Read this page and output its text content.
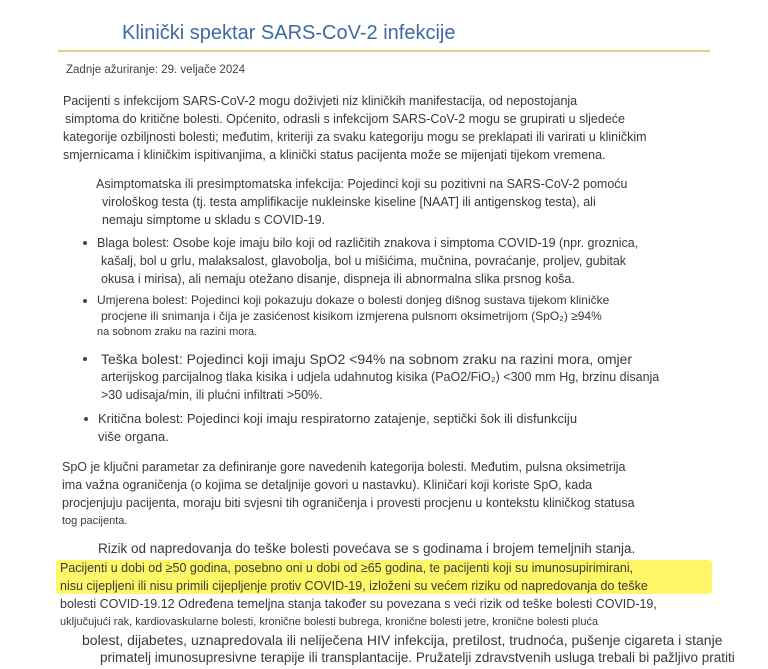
Klinički spektar SARS-CoV-2 infekcije
Zadnje ažuriranje: 29. veljače 2024
Pacijenti s infekcijom SARS-CoV-2 mogu doživjeti niz kliničkih manifestacija, od nepostojanja
simptoma do kritične bolesti. Općenito, odrasli s infekcijom SARS-CoV-2 mogu se grupirati u sljedeće
kategorije ozbiljnosti bolesti; međutim, kriteriji za svaku kategoriju mogu se preklapati ili varirati u kliničkim
smjernicama i kliničkim ispitivanjima, a klinički status pacijenta može se mijenjati tijekom vremena.
Asimptomatska ili presimptomatska infekcija: Pojedinci koji su pozitivni na SARS-CoV-2 pomoću
virološkog testa (tj. testa amplifikacije nukleinske kiseline [NAAT] ili antigenskog testa), ali
nemaju simptome u skladu s COVID-19.
Blaga bolest: Osobe koje imaju bilo koji od različitih znakova i simptoma COVID-19 (npr. groznica,
kašalj, bol u grlu, malaksalost, glavobolja, bol u mišićima, mučnina, povraćanje, proljev, gubitak
okusa i mirisa), ali nemaju otežano disanje, dispneja ili abnormalna slika prsnog koša.
Umjerena bolest: Pojedinci koji pokazuju dokaze o bolesti donjeg dišnog sustava tijekom kliničke
procjene ili snimanja i čija je zasićenost kisikom izmjerena pulsnom oksimetrijom (SpO₂) ≥94%
na sobnom zraku na razini mora.
Teška bolest: Pojedinci koji imaju SpO2 <94% na sobnom zraku na razini mora, omjer
arterijskog parcijalnog tlaka kisika i udjela udahnutog kisika (PaO2/FiO₂) <300 mm Hg, brzinu disanja
>30 udisaja/min, ili plućni infiltrati >50%.
Kritična bolest: Pojedinci koji imaju respiratorno zatajenje, septički šok ili disfunkciju
više organa.
SpO je ključni parametar za definiranje gore navedenih kategorija bolesti. Međutim, pulsna oksimetrija
ima važna ograničenja (o kojima se detaljnije govori u nastavku). Kliničari koji koriste SpO, kada
procjenjuju pacijenta, moraju biti svjesni tih ograničenja i provesti procjenu u kontekstu kliničkog statusa
tog pacijenta.
Rizik od napredovanja do teške bolesti povećava se s godinama i brojem temeljnih stanja.
Pacijenti u dobi od ≥50 godina, posebno oni u dobi od ≥65 godina, te pacijenti koji su imunosupirimirani,
nisu cijepljeni ili nisu primili cijepljenje protiv COVID-19, izloženi su većem riziku od napredovanja do teške
bolesti COVID-19.12 Određena temeljna stanja također su povezana s veći rizik od teške bolesti COVID-19,
uključujući rak, kardiovaskularne bolesti, kronične bolesti bubrega, kronične bolesti jetre, kronične bolesti pluća
bolest, dijabetes, uznapredovala ili neliječena HIV infekcija, pretilost, trudnoća, pušenje cigareta i stanje
primatelj imunosupresivne terapije ili transplantacije. Pružatelji zdravstvenih usluga trebali bi pažljivo pratiti
